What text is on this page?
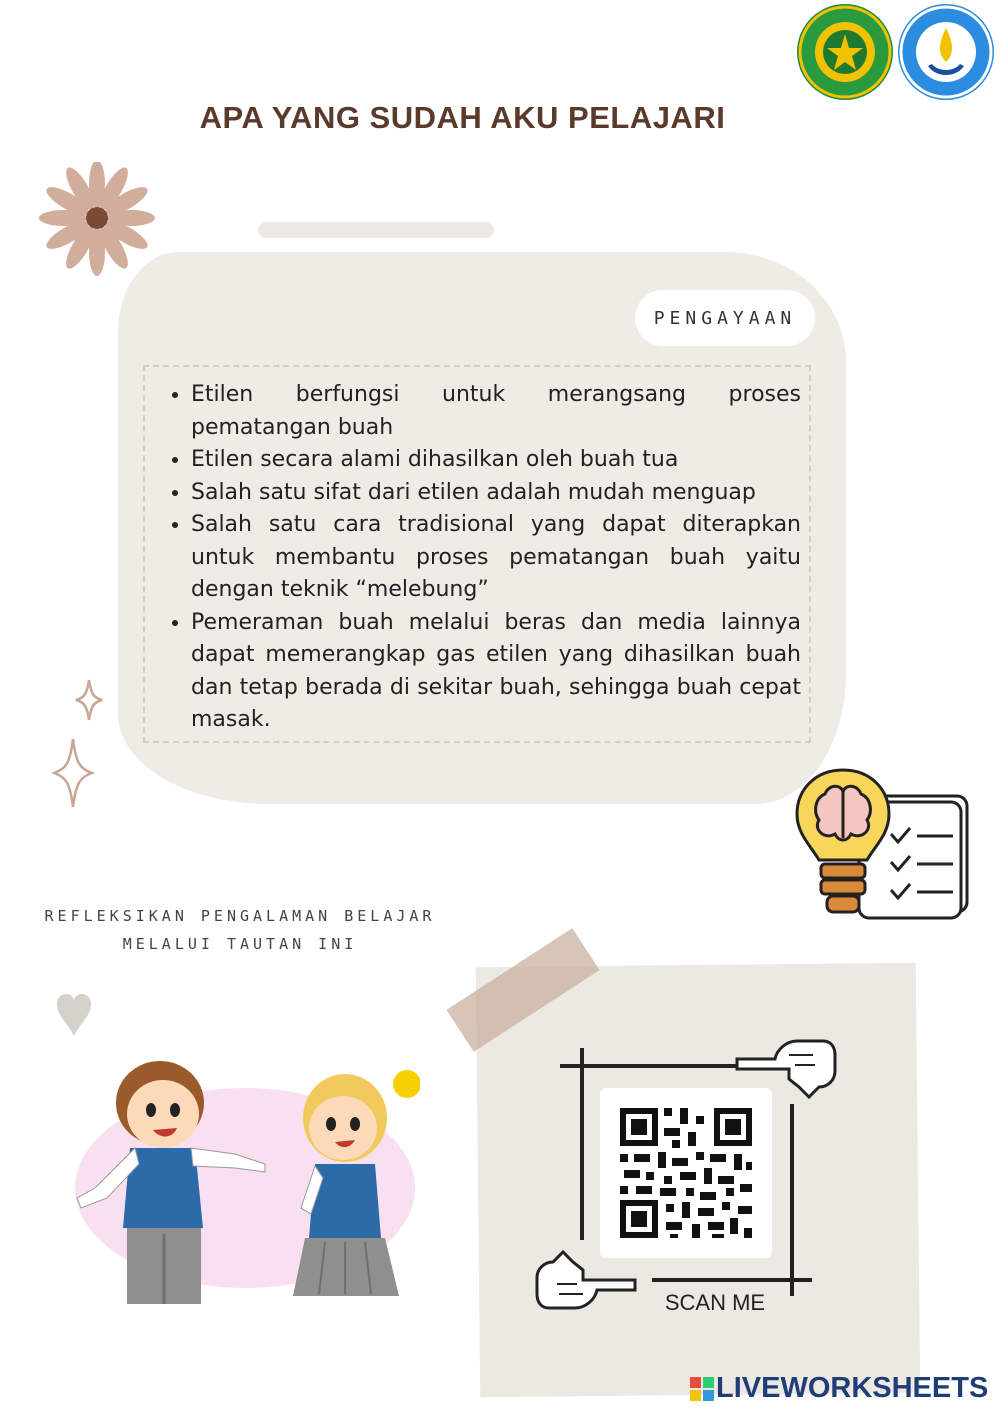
APA YANG SUDAH AKU PELAJARI
PENGAYAAN
• Etilen berfungsi untuk merangsang proses pematangan buah
• Etilen secara alami dihasilkan oleh buah tua
• Salah satu sifat dari etilen adalah mudah menguap
• Salah satu cara tradisional yang dapat diterapkan untuk membantu proses pematangan buah yaitu dengan teknik “melebung”
• Pemeraman buah melalui beras dan media lainnya dapat memerangkap gas etilen yang dihasilkan buah dan tetap berada di sekitar buah, sehingga buah cepat masak.
REFLEKSIKAN PENGALAMAN BELAJAR
MELALUI TAUTAN INI
SCAN ME
LIVEWORKSHEETS
